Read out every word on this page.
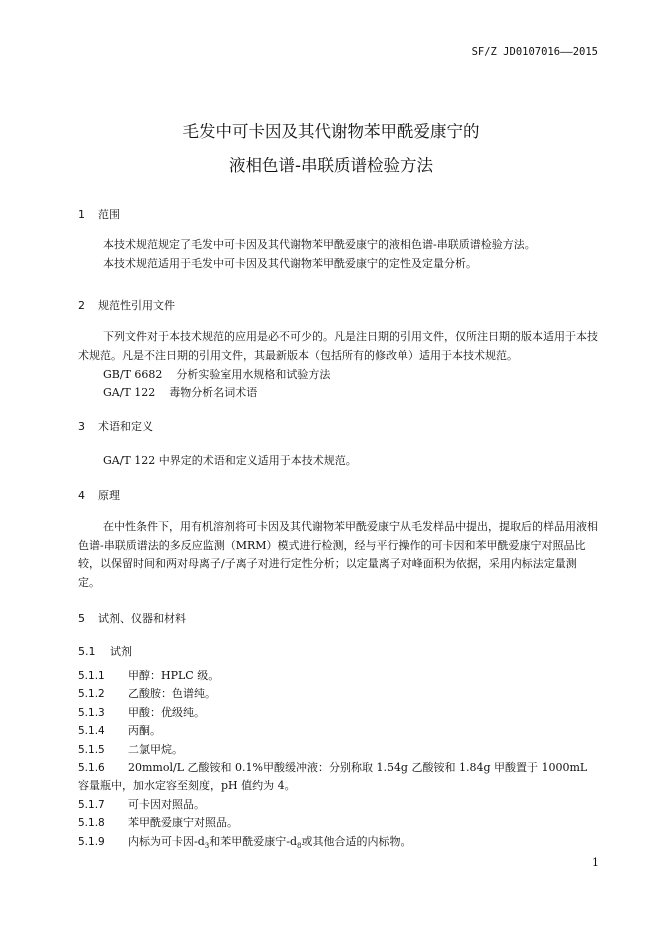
SF/Z JD0107016——2015
毛发中可卡因及其代谢物苯甲酰爱康宁的
液相色谱-串联质谱检验方法
1 范围
本技术规范规定了毛发中可卡因及其代谢物苯甲酰爱康宁的液相色谱-串联质谱检验方法。
本技术规范适用于毛发中可卡因及其代谢物苯甲酰爱康宁的定性及定量分析。
2 规范性引用文件
下列文件对于本技术规范的应用是必不可少的。凡是注日期的引用文件，仅所注日期的版本适用于本技术规范。凡是不注日期的引用文件，其最新版本（包括所有的修改单）适用于本技术规范。
GB/T 6682 分析实验室用水规格和试验方法
GA/T 122 毒物分析名词术语
3 术语和定义
GA/T 122 中界定的术语和定义适用于本技术规范。
4 原理
在中性条件下，用有机溶剂将可卡因及其代谢物苯甲酰爱康宁从毛发样品中提出，提取后的样品用液相色谱-串联质谱法的多反应监测（MRM）模式进行检测，经与平行操作的可卡因和苯甲酰爱康宁对照品比较，以保留时间和两对母离子/子离子对进行定性分析；以定量离子对峰面积为依据，采用内标法定量测定。
5 试剂、仪器和材料
5.1 试剂
5.1.1 甲醇：HPLC 级。
5.1.2 乙酸胺：色谱纯。
5.1.3 甲酸：优级纯。
5.1.4 丙酮。
5.1.5 二氯甲烷。
5.1.6 20mmol/L 乙酸铵和 0.1%甲酸缓冲液：分别称取 1.54g 乙酸铵和 1.84g 甲酸置于 1000mL 容量瓶中，加水定容至刻度，pH 值约为 4。
5.1.7 可卡因对照品。
5.1.8 苯甲酰爱康宁对照品。
5.1.9 内标为可卡因$-d_3$和苯甲酰爱康宁$-d_8$或其他合适的内标物。
1
